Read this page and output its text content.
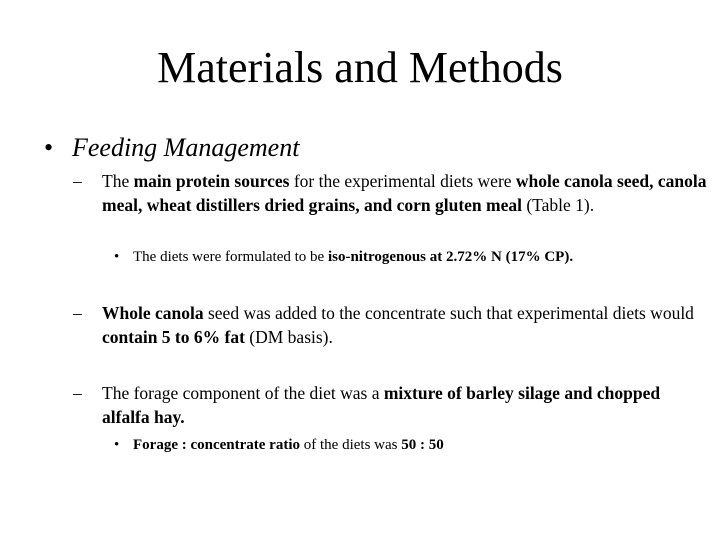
Materials and Methods
• Feeding Management
– The main protein sources for the experimental diets were whole canola seed, canola meal, wheat distillers dried grains, and corn gluten meal (Table 1).
• The diets were formulated to be iso-nitrogenous at 2.72% N (17% CP).
– Whole canola seed was added to the concentrate such that experimental diets would contain 5 to 6% fat (DM basis).
– The forage component of the diet was a mixture of barley silage and chopped alfalfa hay.
• Forage : concentrate ratio of the diets was 50 : 50
